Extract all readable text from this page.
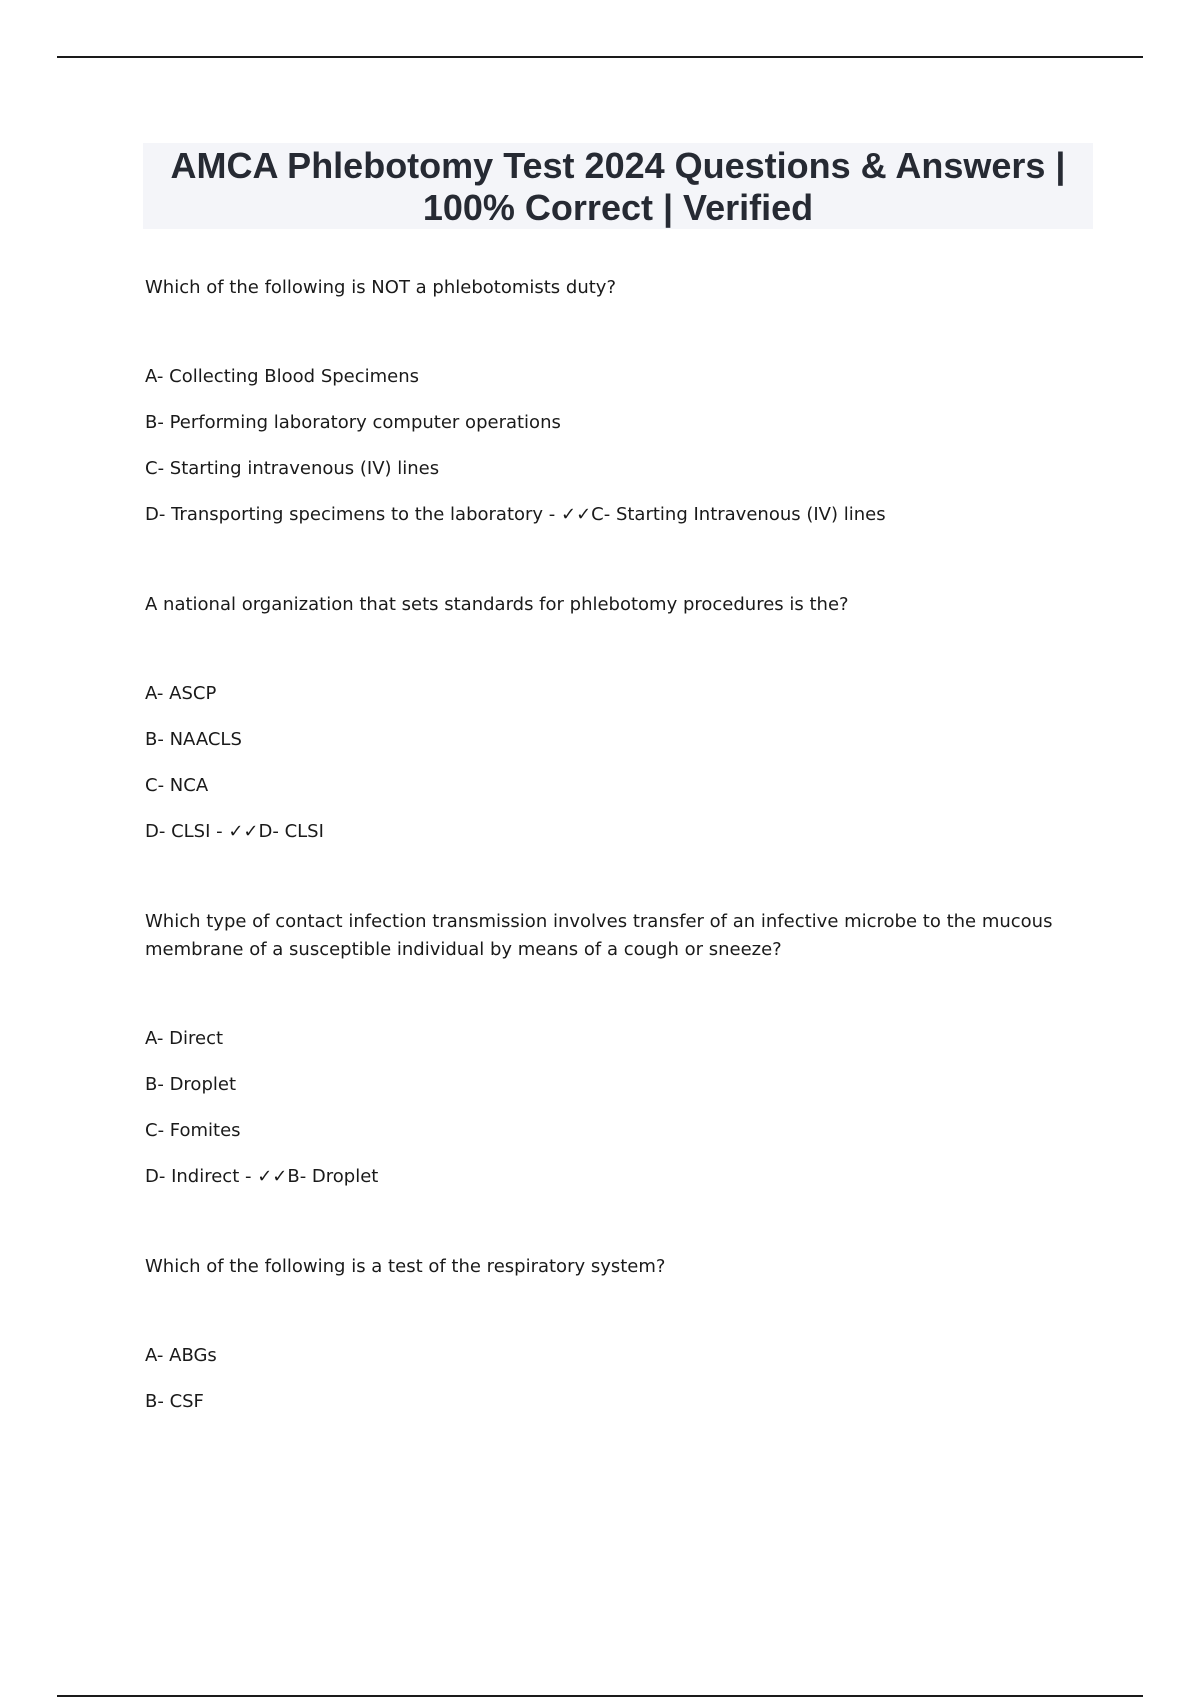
AMCA Phlebotomy Test 2024 Questions & Answers | 100% Correct | Verified
Which of the following is NOT a phlebotomists duty?
A- Collecting Blood Specimens
B- Performing laboratory computer operations
C- Starting intravenous (IV) lines
D- Transporting specimens to the laboratory - ✓✓C- Starting Intravenous (IV) lines
A national organization that sets standards for phlebotomy procedures is the?
A- ASCP
B- NAACLS
C- NCA
D- CLSI - ✓✓D- CLSI
Which type of contact infection transmission involves transfer of an infective microbe to the mucous membrane of a susceptible individual by means of a cough or sneeze?
A- Direct
B- Droplet
C- Fomites
D- Indirect - ✓✓B- Droplet
Which of the following is a test of the respiratory system?
A- ABGs
B- CSF
